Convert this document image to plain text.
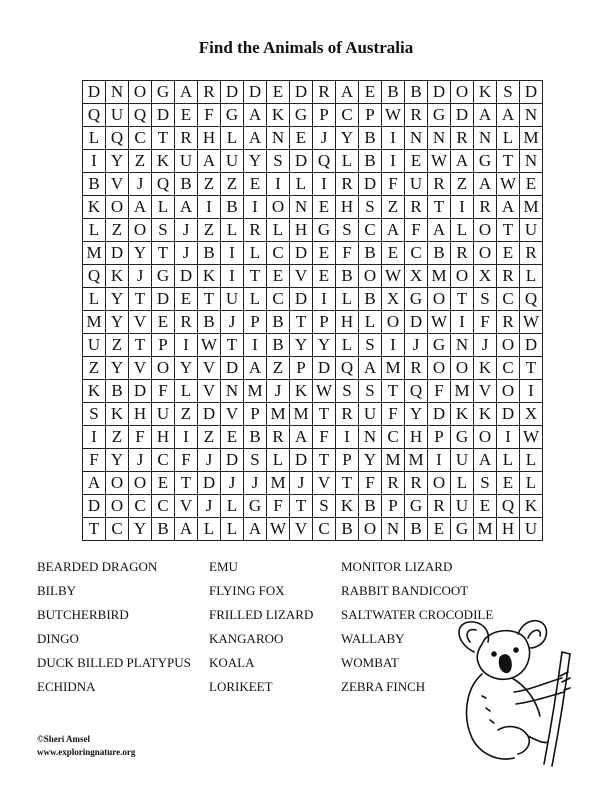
Find the Animals of Australia
D	N	O	G	A	R	D	D	E	D	R	A	E	B	B	D	O	K	S	D
Q	U	Q	D	E	F	G	A	K	G	P	C	P	W	R	G	D	A	A	N
L	Q	C	T	R	H	L	A	N	E	J	Y	B	I	N	N	R	N	L	M
I	Y	Z	K	U	A	U	Y	S	D	Q	L	B	I	E	W	A	G	T	N
B	V	J	Q	B	Z	Z	E	I	L	I	R	D	F	U	R	Z	A	W	E
K	O	A	L	A	I	B	I	O	N	E	H	S	Z	R	T	I	R	A	M
L	Z	O	S	J	Z	L	R	L	H	G	S	C	A	F	A	L	O	T	U
M	D	Y	T	J	B	I	L	C	D	E	F	B	E	C	B	R	O	E	R
Q	K	J	G	D	K	I	T	E	V	E	B	O	W	X	M	O	X	R	L
L	Y	T	D	E	T	U	L	C	D	I	L	B	X	G	O	T	S	C	Q
M	Y	V	E	R	B	J	P	B	T	P	H	L	O	D	W	I	F	R	W
U	Z	T	P	I	W	T	I	B	Y	Y	L	S	I	J	G	N	J	O	D
Z	Y	V	O	Y	V	D	A	Z	P	D	Q	A	M	R	O	O	K	C	T
K	B	D	F	L	V	N	M	J	K	W	S	S	T	Q	F	M	V	O	I
S	K	H	U	Z	D	V	P	M	M	T	R	U	F	Y	D	K	K	D	X
I	Z	F	H	I	Z	E	B	R	A	F	I	N	C	H	P	G	O	I	W
F	Y	J	C	F	J	D	S	L	D	T	P	Y	M	M	I	U	A	L	L
A	O	O	E	T	D	J	J	M	J	V	T	F	R	R	O	L	S	E	L
D	O	C	C	V	J	L	G	F	T	S	K	B	P	G	R	U	E	Q	K
T	C	Y	B	A	L	L	A	W	V	C	B	O	N	B	E	G	M	H	U
BEARDED DRAGON
BILBY
BUTCHERBIRD
DINGO
DUCK BILLED PLATYPUS
ECHIDNA
EMU
FLYING FOX
FRILLED LIZARD
KANGAROO
KOALA
LORIKEET
MONITOR LIZARD
RABBIT BANDICOOT
SALTWATER CROCODILE
WALLABY
WOMBAT
ZEBRA FINCH
©Sheri Amsel
www.exploringnature.org
